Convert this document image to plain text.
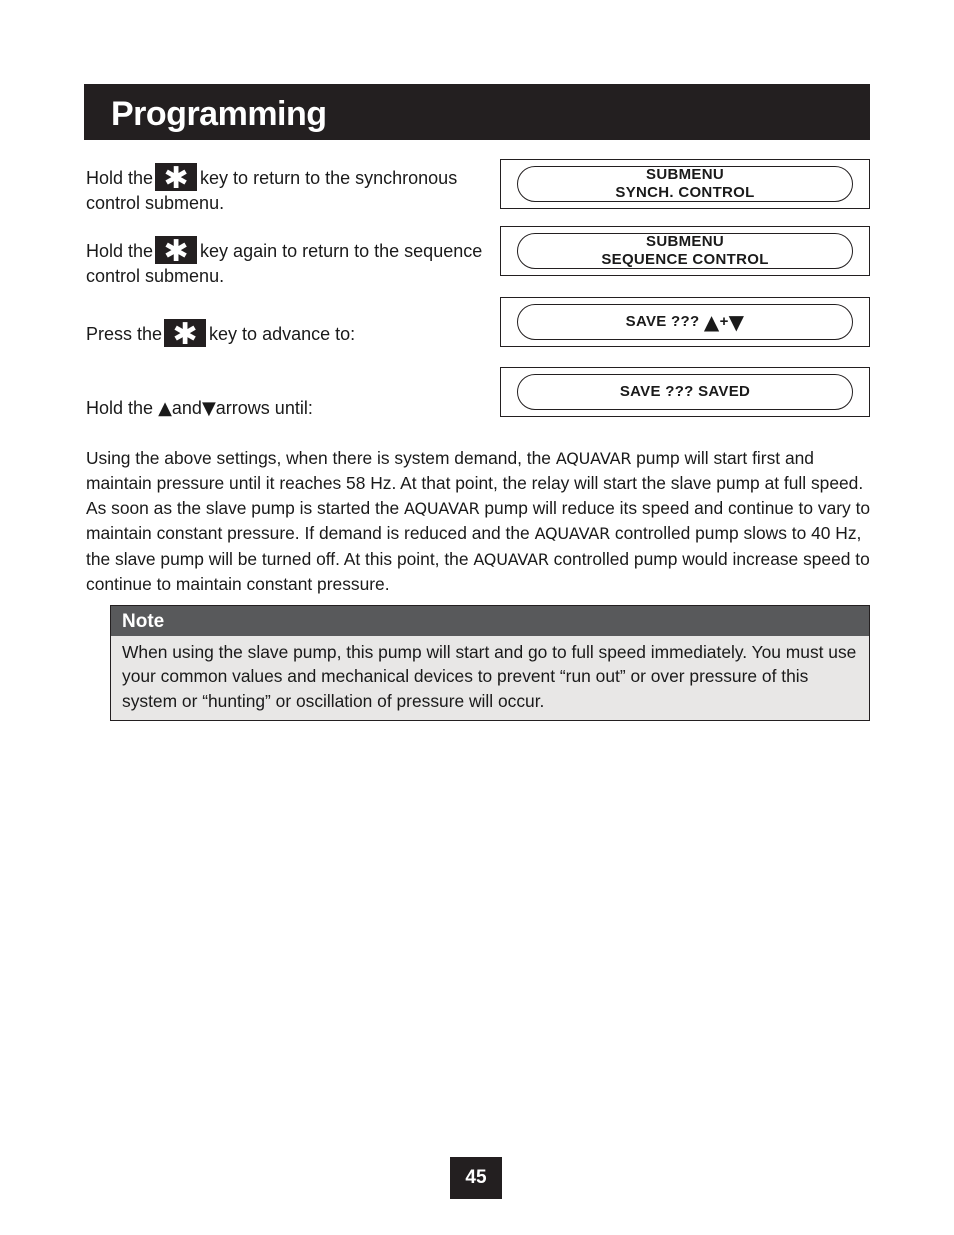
Programming
Hold the ✱ key to return to the synchronous control submenu.
Hold the ✱ key again to return to the sequence control submenu.
Press the ✱ key to advance to:
Hold the ▲and▼arrows until:
SUBMENU
SYNCH. CONTROL
SUBMENU
SEQUENCE CONTROL
SAVE ??? ▲ + ▼
SAVE ??? SAVED
Using the above settings, when there is system demand, the AQUAVAR pump will start first and maintain pressure until it reaches 58 Hz. At that point, the relay will start the slave pump at full speed. As soon as the slave pump is started the AQUAVAR pump will reduce its speed and continue to vary to maintain constant pressure. If demand is reduced and the AQUAVAR controlled pump slows to 40 Hz, the slave pump will be turned off. At this point, the AQUAVAR controlled pump would increase speed to continue to maintain constant pressure.
Note
When using the slave pump, this pump will start and go to full speed immediately. You must use your common values and mechanical devices to prevent “run out” or over pressure of this system or “hunting” or oscillation of pressure will occur.
45
